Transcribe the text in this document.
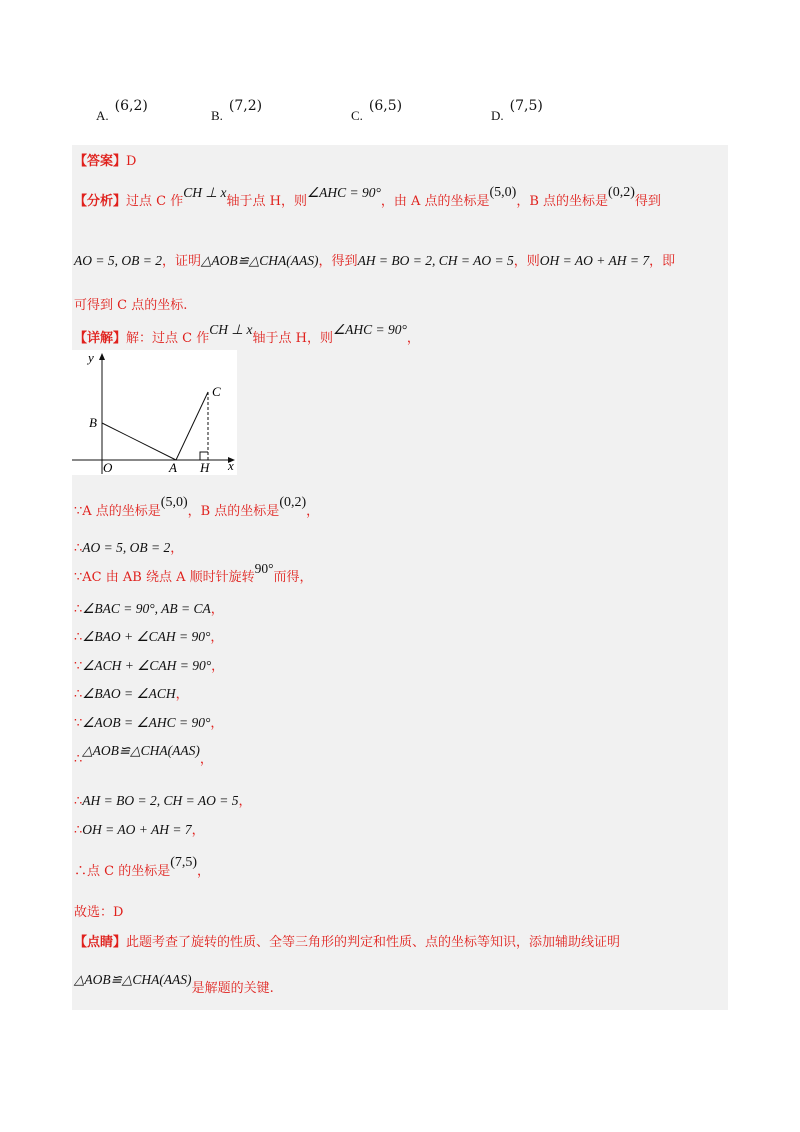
A.(6,2)
B.(7,2)
C.(6,5)
D.(7,5)
【答案】D
【分析】过点 C 作CH ⊥ x轴于点 H，则∠AHC = 90°，由 A 点的坐标是(5,0)，B 点的坐标是(0,2)得到
AO = 5, OB = 2，证明△AOB≌△CHA(AAS)，得到AH = BO = 2, CH = AO = 5，则OH = AO + AH = 7，即
可得到 C 点的坐标.
【详解】解：过点 C 作CH ⊥ x轴于点 H，则∠AHC = 90°，
y
x
B
C
O	A H
∵A 点的坐标是(5,0)，B 点的坐标是(0,2)，
∴AO = 5, OB = 2，
∵AC 由 AB 绕点 A 顺时针旋转90°而得，
∴∠BAC = 90°, AB = CA，
∴∠BAO + ∠CAH = 90°，
∵∠ACH + ∠CAH = 90°，
∴∠BAO = ∠ACH，
∵∠AOB = ∠AHC = 90°，
∴△AOB≌△CHA(AAS)，
∴AH = BO = 2, CH = AO = 5，
∴OH = AO + AH = 7，
∴点 C 的坐标是(7,5)，
故选：D
【点睛】此题考查了旋转的性质、全等三角形的判定和性质、点的坐标等知识，添加辅助线证明
△AOB≌△CHA(AAS)是解题的关键.
